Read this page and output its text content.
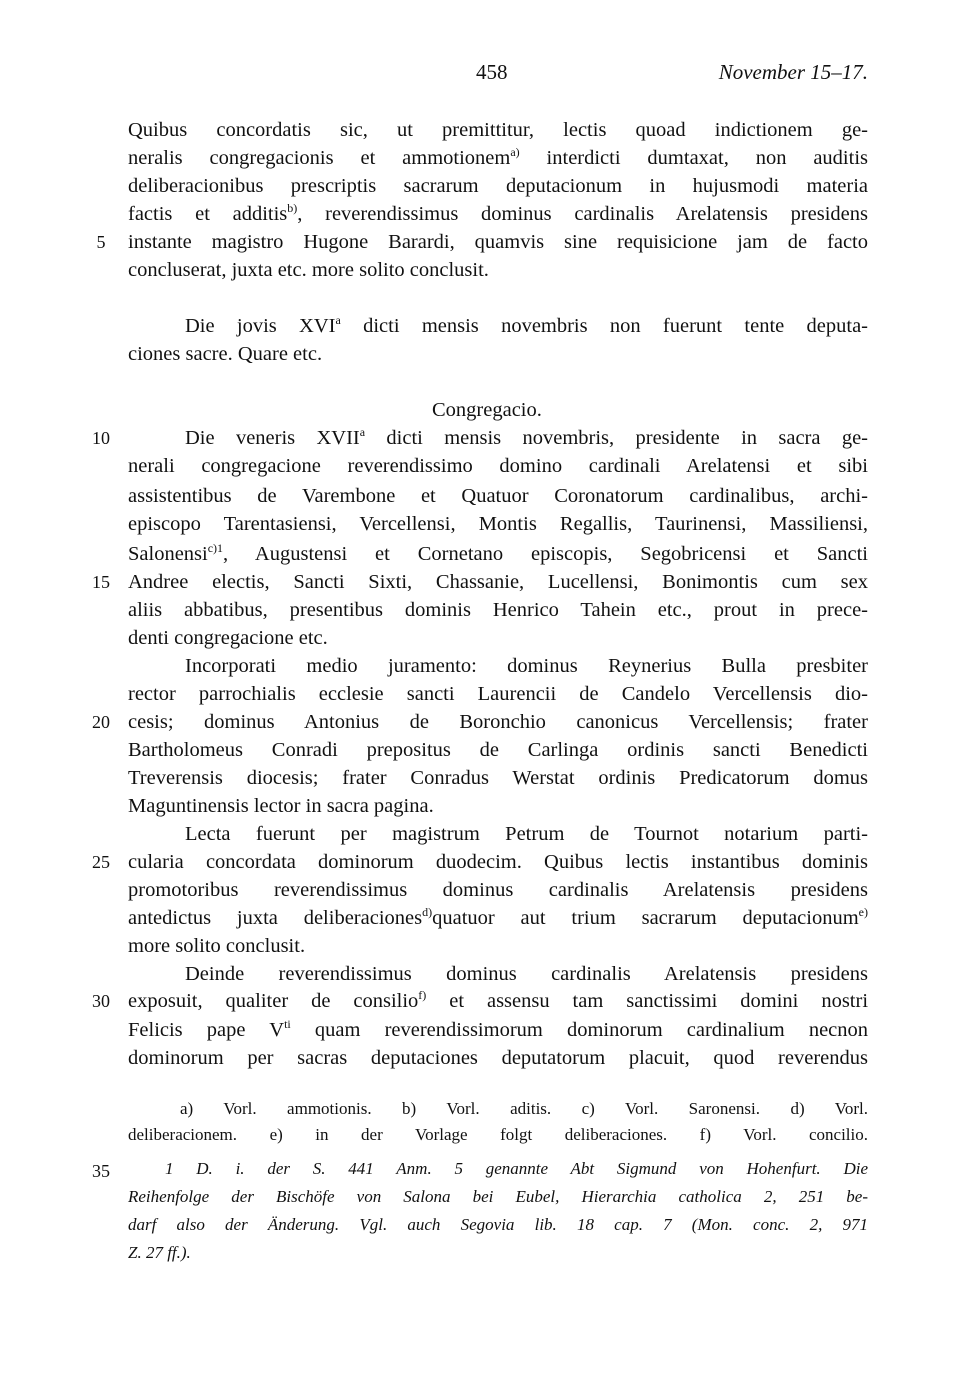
458	November 15–17.
5
10
15
20
25
30
35
Quibus concordatis sic, ut premittitur, lectis quoad indictionem ge-
neralis congregacionis et ammotionem$^{a)}$ interdicti dumtaxat, non auditis
deliberacionibus prescriptis sacrarum deputacionum in hujusmodi materia
factis et additis$^{b)}$, reverendissimus dominus cardinalis Arelatensis presidens
instante magistro Hugone Barardi, quamvis sine requisicione jam de facto
concluserat, juxta etc. more solito conclusit.
Die jovis XVI$^a$ dicti mensis novembris non fuerunt tente deputa-
ciones sacre. Quare etc.
Congregacio.
Die veneris XVII$^a$ dicti mensis novembris, presidente in sacra ge-
nerali congregacione reverendissimo domino cardinali Arelatensi et sibi
assistentibus de Varembone et Quatuor Coronatorum cardinalibus, archi-
episcopo Tarentasiensi, Vercellensi, Montis Regallis, Taurinensi, Massiliensi,
Salonensi$^{c)1}$, Augustensi et Cornetano episcopis, Segobricensi et Sancti
Andree electis, Sancti Sixti, Chassanie, Lucellensi, Bonimontis cum sex
aliis abbatibus, presentibus dominis Henrico Tahein etc., prout in prece-
denti congregacione etc.
Incorporati medio juramento: dominus Reynerius Bulla presbiter
rector parrochialis ecclesie sancti Laurencii de Candelo Vercellensis dio-
cesis; dominus Antonius de Boronchio canonicus Vercellensis; frater
Bartholomeus Conradi prepositus de Carlinga ordinis sancti Benedicti
Treverensis diocesis; frater Conradus Werstat ordinis Predicatorum domus
Maguntinensis lector in sacra pagina.
Lecta fuerunt per magistrum Petrum de Tournot notarium parti-
cularia concordata dominorum duodecim. Quibus lectis instantibus dominis
promotoribus reverendissimus dominus cardinalis Arelatensis presidens
antedictus juxta deliberaciones$^{d)}$quatuor aut trium sacrarum deputacionum$^{e)}$
more solito conclusit.
Deinde reverendissimus dominus cardinalis Arelatensis presidens
exposuit, qualiter de consilio$^{f)}$ et assensu tam sanctissimi domini nostri
Felicis pape $V^{ti}$ quam reverendissimorum dominorum cardinalium necnon
dominorum per sacras deputaciones deputatorum placuit, quod reverendus
a) Vorl. ammotionis. b) Vorl. aditis. c) Vorl. Saronensi. d) Vorl.
deliberacionem. e) in der Vorlage folgt deliberaciones. f) Vorl. concilio.
1 D. i. der S. 441 Anm. 5 genannte Abt Sigmund von Hohenfurt. Die
Reihenfolge der Bischöfe von Salona bei Eubel, Hierarchia catholica 2, 251 be-
darf also der Änderung. Vgl. auch Segovia lib. 18 cap. 7 (Mon. conc. 2, 971
Z. 27 ff.).
